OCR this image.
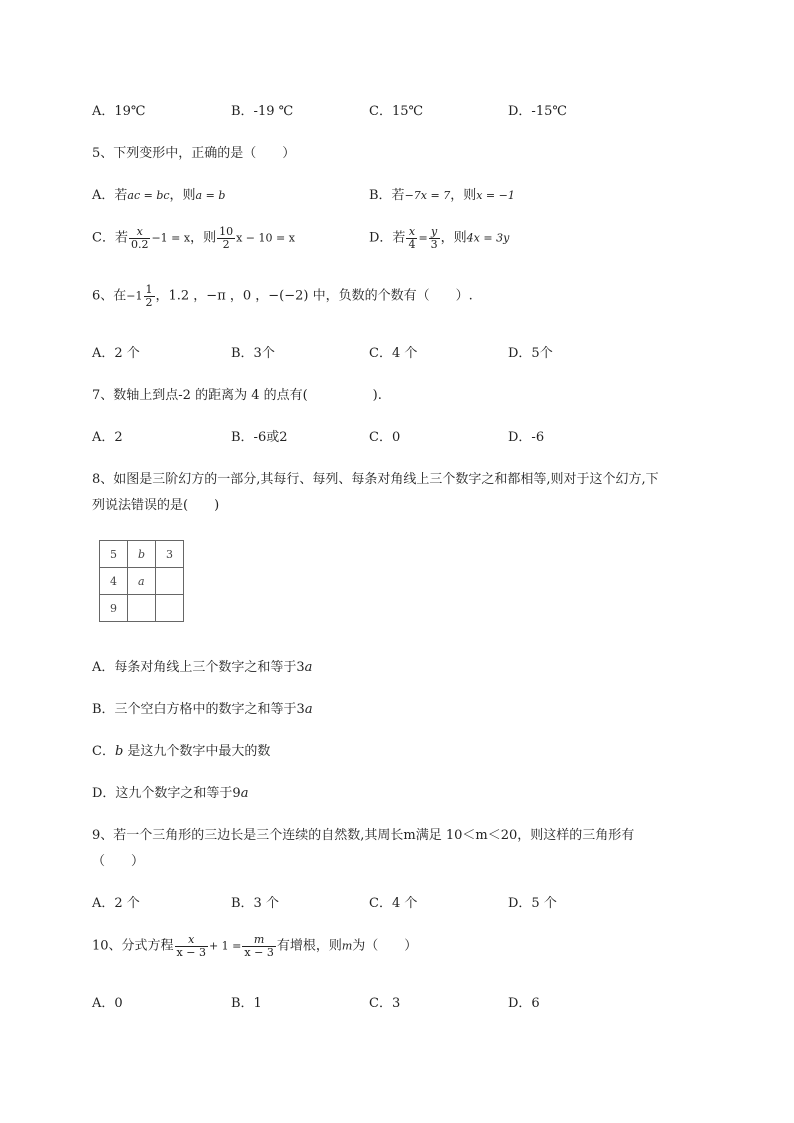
A．19℃	B．-19 ℃	C．15℃	D．-15℃
5、下列变形中，正确的是（　　）
A．若ac = bc，则a = b	B．若−7x = 7，则x = −1
C．若 $\frac{x}{0.2} -1 = x$，则 $\frac{10}{2}$ x − 10 = x	D．若 $\frac{x}{4} = \frac{y}{3}$ ，则4x = 3y
6、在$-1 \frac{1}{2}$ ，1.2 ，−π ，0 ，−(−2) 中，负数的个数有（　　）.
A．2 个	B．3个	C．4 个	D．5个
7、数轴上到点-2 的距离为 4 的点有(　　　　　).
A．2	B．-6或2	C．0	D．-6
8、如图是三阶幻方的一部分,其每行、每列、每条对角线上三个数字之和都相等,则对于这个幻方,下
列说法错误的是(　　)
5	b	3
4	a	
9		
A．每条对角线上三个数字之和等于3a
B．三个空白方格中的数字之和等于3a
C．b 是这九个数字中最大的数
D．这九个数字之和等于9a
9、若一个三角形的三边长是三个连续的自然数,其周长m满足 10＜m＜20，则这样的三角形有
（　　）
A．2 个	B．3 个	C．4 个	D．5 个
10、分式方程 $\frac{x}{x - 3} + 1 = \frac{m}{x - 3}$ 有增根，则m为（　　）
A．0	B．1	C．3	D．6
